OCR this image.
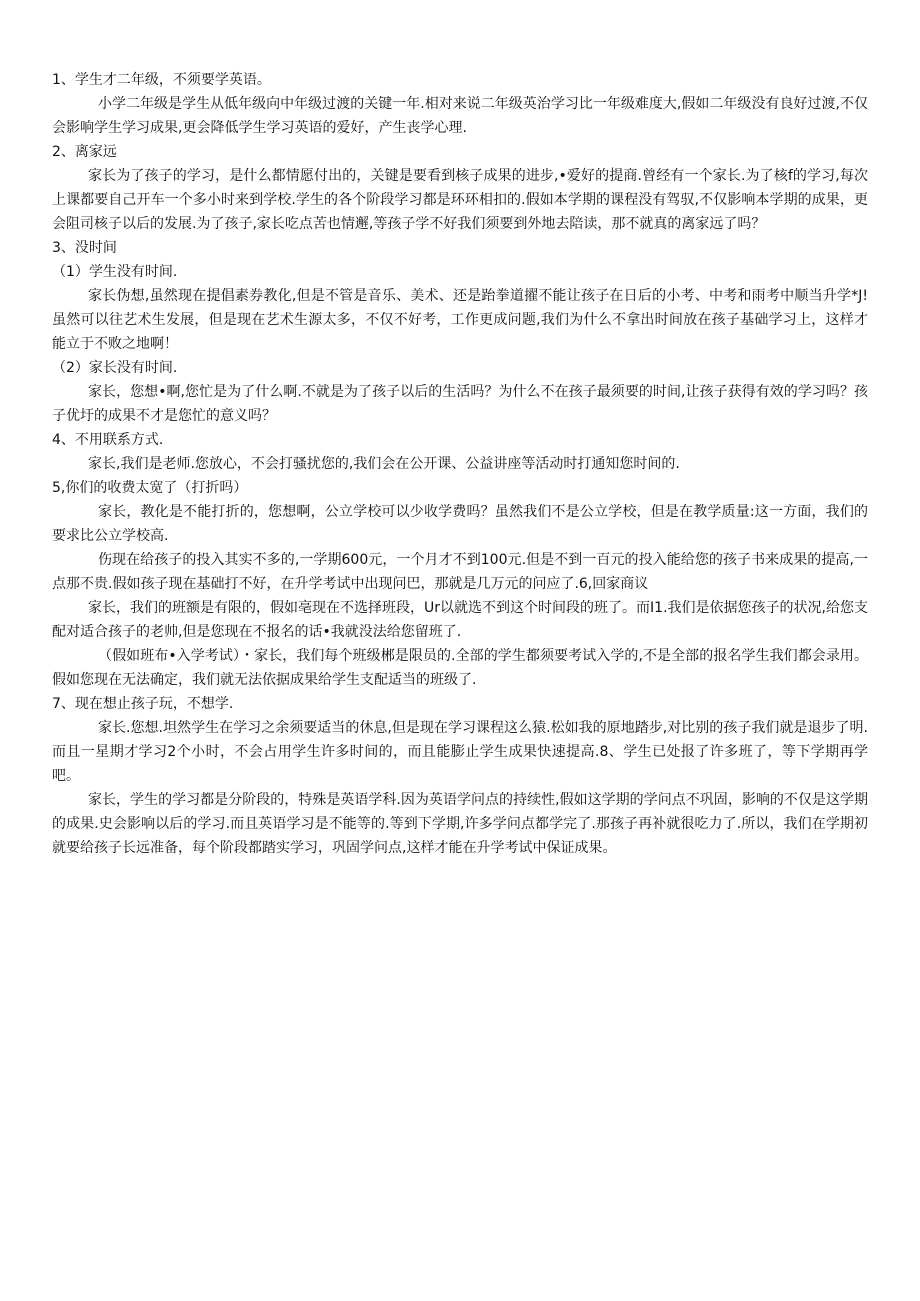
1、学生才二年级，不须要学英语。

小学二年级是学生从低年级向中年级过渡的关键一年.相对来说二年级英治学习比一年级难度大,假如二年级没有良好过渡,不仅会影响学生学习成果,更会降低学生学习英语的爱好，产生丧学心理.

2、离家远

家长为了孩子的学习，是什么都情愿付出的，关键是要看到核子成果的进步,•爱好的提商.曾经有一个家长.为了核f的学习,每次上课都要自己开车一个多小时来到学校.学生的各个阶段学习都是环环相扣的.假如本学期的课程没有驾驭,不仅影响本学期的成果，更会阻司核子以后的发展.为了孩子,家长吃点苦也情邂,等孩子学不好我们须要到外地去陪读，那不就真的离家远了吗？

3、没时间

（1）学生没有时间.

家长伪想,虽然现在提倡素券教化,但是不管是音乐、美术、还是跆拳道擢不能让孩子在日后的小考、中考和雨考中顺当升学*J!虽然可以往艺术生发展，但是现在艺术生源太多，不仅不好考，工作更成问题,我们为什么不拿出时间放在孩子基础学习上，这样才能立于不败之地啊！

（2）家长没有时间.

家长，您想•啊,您忙是为了什么啊.不就是为了孩子以后的生活吗？为什么不在孩子最须要的时间,让孩子获得有效的学习吗？孩子优圩的成果不才是您忙的意义吗？

4、不用联系方式.

家长,我们是老师.您放心，不会打骚扰您的,我们会在公开课、公益讲座等活动时打通知您时间的.

5,你们的收费太宽了（打折吗）

家长，教化是不能打折的，您想啊，公立学校可以少收学费吗？虽然我们不是公立学校，但是在教学质量:这一方面，我们的要求比公立学校高.

伤现在给孩子的投入其实不多的,一学期600元，一个月才不到100元.但是不到一百元的投入能给您的孩子书来成果的提高,一点那不贵.假如孩子现在基础打不好，在升学考试中出现问巴，那就是几万元的问应了.6,回家商议

家长，我们的班额是有限的，假如亳现在不选择班段，Ur以就选不到这个时间段的班了。而I1.我们是依据您孩子的状况,给您支配对适合孩子的老帅,但是您现在不报名的话•我就没法给您留班了.

（假如班布•入学考试）・家长，我们每个班级郴是限员的.全部的学生都须要考试入学的,不是全部的报名学生我们都会录用。假如您现在无法确定，我们就无法依据成果给学生支配适当的班级了.

7、现在想止孩子玩，不想学.

家长.您想.坦然学生在学习之余须要适当的休息,但是现在学习课程这么猿.松如我的原地踏步,对比别的孩子我们就是退步了明.而且一星期才学习2个小时，不会占用学生许多时间的，而且能膨止学生成果快速提高.8、学生已处报了许多班了，等下学期再学吧。

家长，学生的学习都是分阶段的，特殊是英语学科.因为英语学问点的持续性,假如这学期的学问点不巩固，影响的不仅是这学期的成果.史会影响以后的学习.而且英语学习是不能等的.等到下学期,许多学问点都学完了.那孩子再补就很吃力了.所以，我们在学期初就要给孩子长远准备，每个阶段都踏实学习，巩固学问点,这样才能在升学考试中保证成果。
